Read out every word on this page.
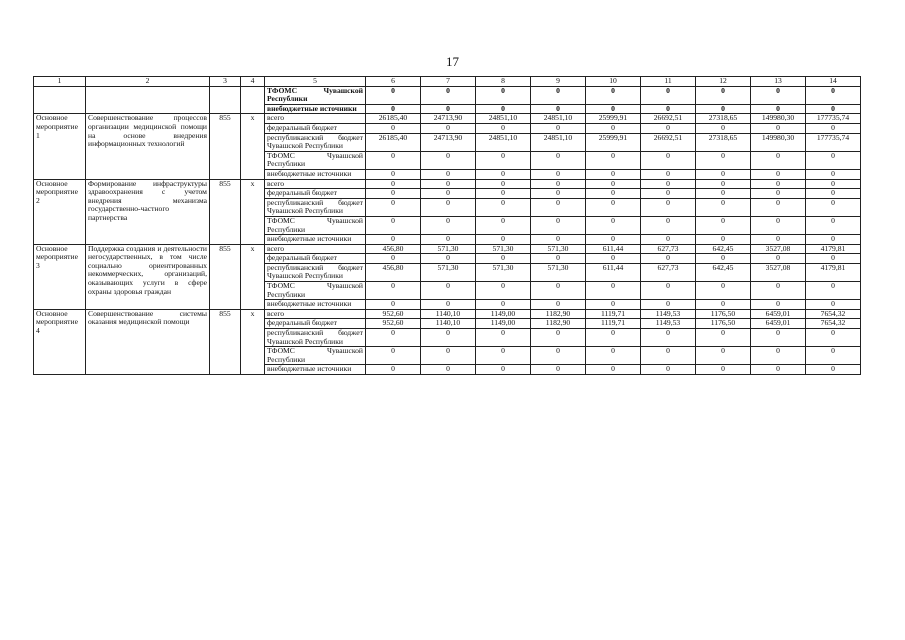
17
1	2	3	4	5	6	7	8	9	10	11	12	13	14
				ТФОМС Чувашской Республики	0	0	0	0	0	0	0	0	0
				внебюджетные источники	0	0	0	0	0	0	0	0	0
Основное мероприятие 1	Совершенствование процессов организации медицинской помощи на основе внедрения информационных технологий	855	x	всего	26185,40	24713,90	24851,10	24851,10	25999,91	26692,51	27318,65	149980,30	177735,74
				федеральный бюджет	0	0	0	0	0	0	0	0	0
				республиканский бюджет Чувашской Республики	26185,40	24713,90	24851,10	24851,10	25999,91	26692,51	27318,65	149980,30	177735,74
				ТФОМС Чувашской Республики	0	0	0	0	0	0	0	0	0
				внебюджетные источники	0	0	0	0	0	0	0	0	0
Основное мероприятие 2	Формирование инфраструктуры здравоохранения с учетом внедрения механизма государственно-частного партнерства	855	x	всего	0	0	0	0	0	0	0	0	0
				федеральный бюджет	0	0	0	0	0	0	0	0	0
				республиканский бюджет Чувашской Республики	0	0	0	0	0	0	0	0	0
				ТФОМС Чувашской Республики	0	0	0	0	0	0	0	0	0
				внебюджетные источники	0	0	0	0	0	0	0	0	0
Основное мероприятие 3	Поддержка создания и деятельности негосударственных, в том числе социально ориентированных некоммерческих, организаций, оказывающих услуги в сфере охраны здоровья граждан	855	x	всего	456,80	571,30	571,30	571,30	611,44	627,73	642,45	3527,08	4179,81
				федеральный бюджет	0	0	0	0	0	0	0	0	0
				республиканский бюджет Чувашской Республики	456,80	571,30	571,30	571,30	611,44	627,73	642,45	3527,08	4179,81
				ТФОМС Чувашской Республики	0	0	0	0	0	0	0	0	0
				внебюджетные источники	0	0	0	0	0	0	0	0	0
Основное мероприятие 4	Совершенствование системы оказания медицинской помощи	855	x	всего	952,60	1140,10	1149,00	1182,90	1119,71	1149,53	1176,50	6459,01	7654,32
				федеральный бюджет	952,60	1140,10	1149,00	1182,90	1119,71	1149,53	1176,50	6459,01	7654,32
				республиканский бюджет Чувашской Республики	0	0	0	0	0	0	0	0	0
				ТФОМС Чувашской Республики	0	0	0	0	0	0	0	0	0
				внебюджетные источники	0	0	0	0	0	0	0	0	0
